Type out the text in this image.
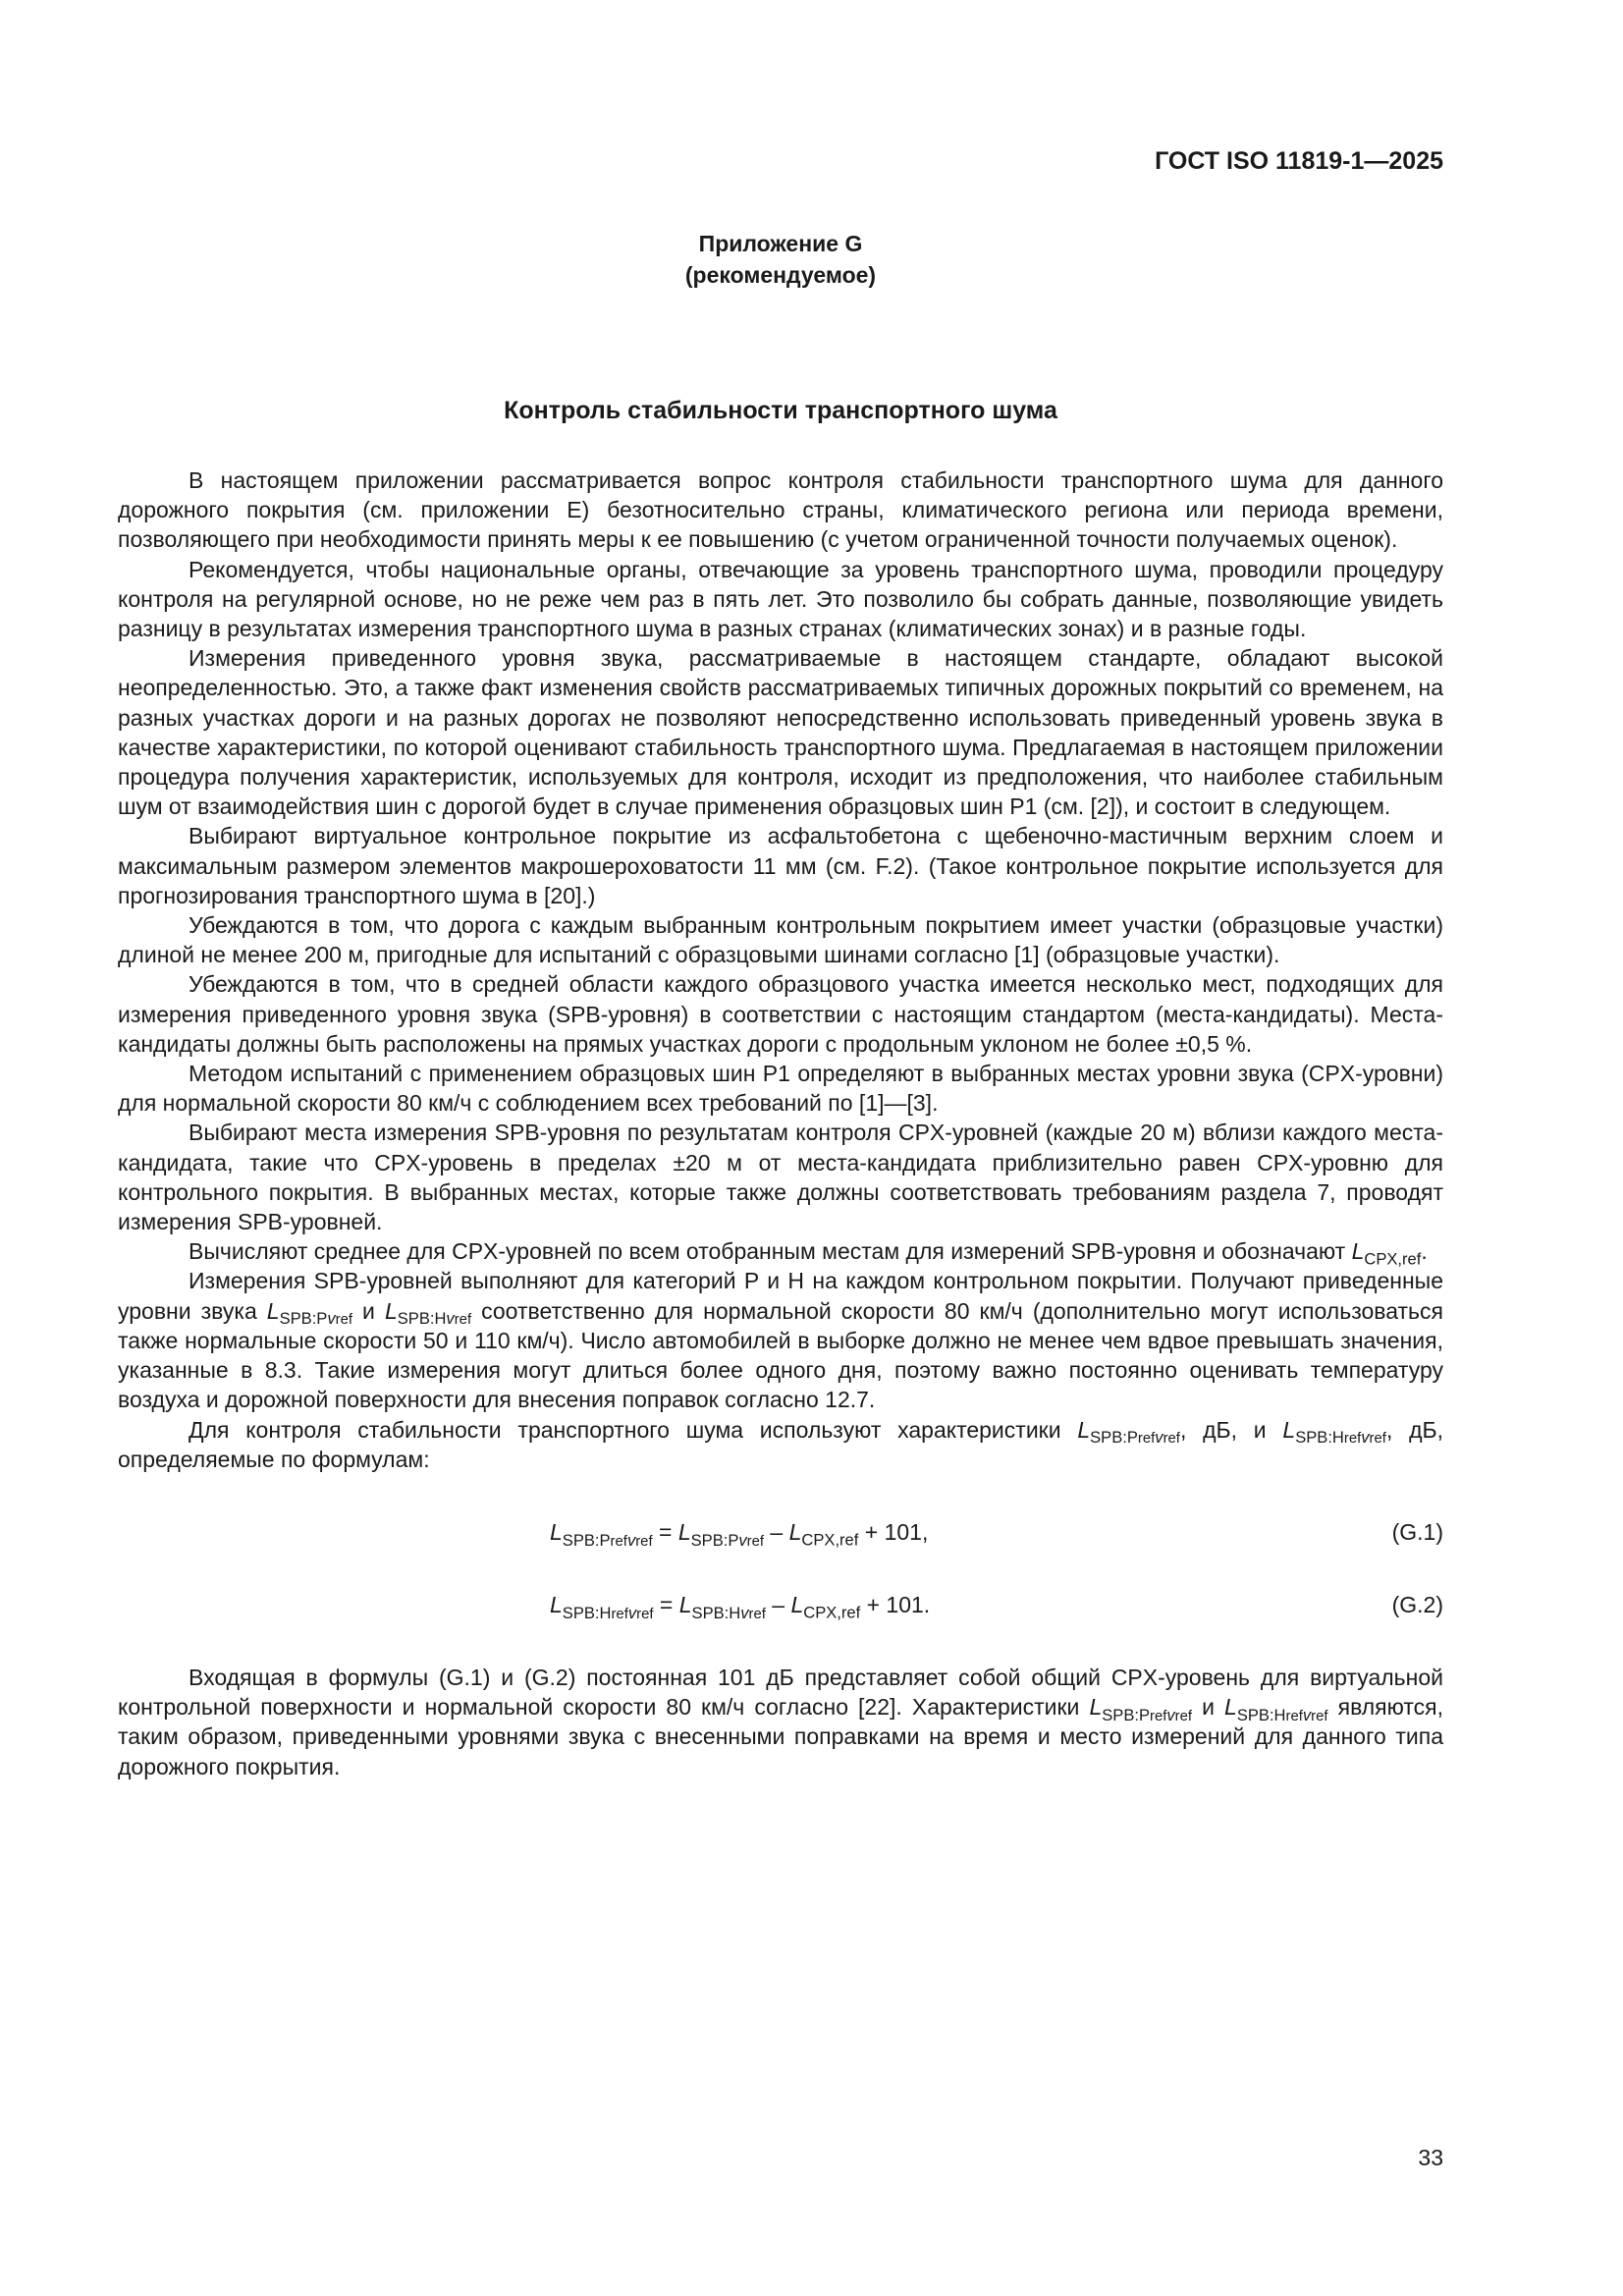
ГОСТ ISO 11819-1—2025
Приложение G
(рекомендуемое)
Контроль стабильности транспортного шума

В настоящем приложении рассматривается вопрос контроля стабильности транспортного шума для данного дорожного покрытия (см. приложении E) безотносительно страны, климатического региона или периода времени, позволяющего при необходимости принять меры к ее повышению (с учетом ограниченной точности получаемых оценок).

Рекомендуется, чтобы национальные органы, отвечающие за уровень транспортного шума, проводили процедуру контроля на регулярной основе, но не реже чем раз в пять лет. Это позволило бы собрать данные, позволяющие увидеть разницу в результатах измерения транспортного шума в разных странах (климатических зонах) и в разные годы.

Измерения приведенного уровня звука, рассматриваемые в настоящем стандарте, обладают высокой неопределенностью. Это, а также факт изменения свойств рассматриваемых типичных дорожных покрытий со временем, на разных участках дороги и на разных дорогах не позволяют непосредственно использовать приведенный уровень звука в качестве характеристики, по которой оценивают стабильность транспортного шума. Предлагаемая в настоящем приложении процедура получения характеристик, используемых для контроля, исходит из предположения, что наиболее стабильным шум от взаимодействия шин с дорогой будет в случае применения образцовых шин P1 (см. [2]), и состоит в следующем.

Выбирают виртуальное контрольное покрытие из асфальтобетона с щебеночно-мастичным верхним слоем и максимальным размером элементов макрошероховатости 11 мм (см. F.2). (Такое контрольное покрытие используется для прогнозирования транспортного шума в [20].)

Убеждаются в том, что дорога с каждым выбранным контрольным покрытием имеет участки (образцовые участки) длиной не менее 200 м, пригодные для испытаний с образцовыми шинами согласно [1] (образцовые участки).

Убеждаются в том, что в средней области каждого образцового участка имеется несколько мест, подходящих для измерения приведенного уровня звука (SPB-уровня) в соответствии с настоящим стандартом (места-кандидаты). Места-кандидаты должны быть расположены на прямых участках дороги с продольным уклоном не более ±0,5 %.

Методом испытаний с применением образцовых шин P1 определяют в выбранных местах уровни звука (CPX-уровни) для нормальной скорости 80 км/ч с соблюдением всех требований по [1]—[3].

Выбирают места измерения SPB-уровня по результатам контроля CPX-уровней (каждые 20 м) вблизи каждого места-кандидата, такие что CPX-уровень в пределах ±20 м от места-кандидата приблизительно равен CPX-уровню для контрольного покрытия. В выбранных местах, которые также должны соответствовать требованиям раздела 7, проводят измерения SPB-уровней.

Вычисляют среднее для CPX-уровней по всем отобранным местам для измерений SPB-уровня и обозначают $L_{CPX,ref}$.

Измерения SPB-уровней выполняют для категорий P и H на каждом контрольном покрытии. Получают приведенные уровни звука $L_{SPB:Pvref}$ и $L_{SPB:Hvref}$ соответственно для нормальной скорости 80 км/ч (дополнительно могут использоваться также нормальные скорости 50 и 110 км/ч). Число автомобилей в выборке должно не менее чем вдвое превышать значения, указанные в 8.3. Такие измерения могут длиться более одного дня, поэтому важно постоянно оценивать температуру воздуха и дорожной поверхности для внесения поправок согласно 12.7.

Для контроля стабильности транспортного шума используют характеристики $L_{SPB:Prefvref}$, дБ, и $L_{SPB:Hrefvref}$, дБ, определяемые по формулам:

$L_{SPB:Prefvref} = L_{SPB:Pvref} - L_{CPX,ref} + 101$,	(G.1)
$L_{SPB:Hrefvref} = L_{SPB:Hvref} - L_{CPX,ref} + 101$.	(G.2)

Входящая в формулы (G.1) и (G.2) постоянная 101 дБ представляет собой общий CPX-уровень для виртуальной контрольной поверхности и нормальной скорости 80 км/ч согласно [22]. Характеристики $L_{SPB:Prefvref}$ и $L_{SPB:Hrefvref}$ являются, таким образом, приведенными уровнями звука с внесенными поправками на время и место измерений для данного типа дорожного покрытия.

33
